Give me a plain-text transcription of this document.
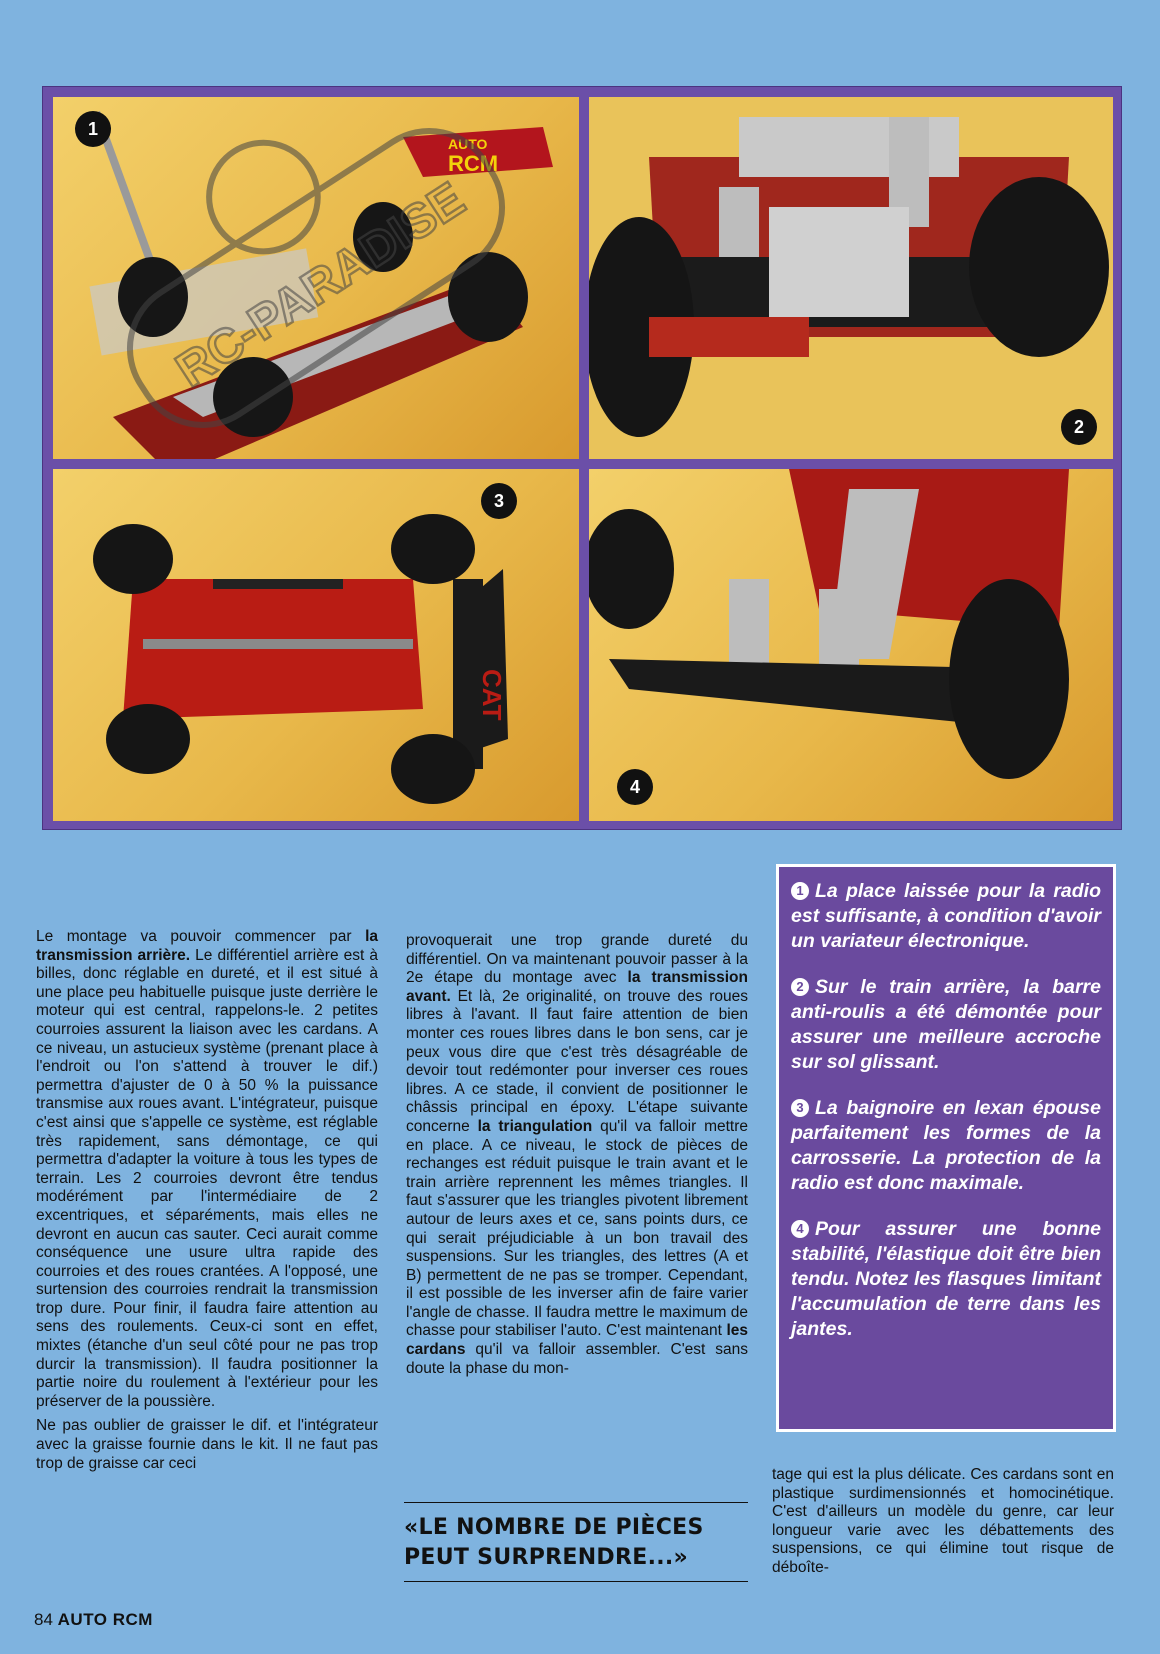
AUTO
RCM
RC-PARADISE
1
2
CAT
3
4

1 La place laissée pour la radio est suffisante, à condition d'avoir un variateur électronique.

2 Sur le train arrière, la barre anti-roulis a été démontée pour assurer une meilleure accroche sur sol glissant.

3 La baignoire en lexan épouse parfaitement les formes de la carrosserie. La protection de la radio est donc maximale.

4 Pour assurer une bonne stabilité, l'élastique doit être bien tendu. Notez les flasques limitant l'accumulation de terre dans les jantes.

Le montage va pouvoir commencer par la transmission arrière. Le différentiel arrière est à billes, donc réglable en dureté, et il est situé à une place peu habituelle puisque juste derrière le moteur qui est central, rappelons-le. 2 petites courroies assurent la liaison avec les cardans. A ce niveau, un astucieux système (prenant place à l'endroit ou l'on s'attend à trouver le dif.) permettra d'ajuster de 0 à 50 % la puissance transmise aux roues avant. L'intégrateur, puisque c'est ainsi que s'appelle ce système, est réglable très rapidement, sans démontage, ce qui permettra d'adapter la voiture à tous les types de terrain. Les 2 courroies devront être tendus modérément par l'intermédiaire de 2 excentriques, et séparéments, mais elles ne devront en aucun cas sauter. Ceci aurait comme conséquence une usure ultra rapide des courroies et des roues crantées. A l'opposé, une surtension des courroies rendrait la transmission trop dure. Pour finir, il faudra faire attention au sens des roulements. Ceux-ci sont en effet, mixtes (étanche d'un seul côté pour ne pas trop durcir la transmission). Il faudra positionner la partie noire du roulement à l'extérieur pour les préserver de la poussière.

Ne pas oublier de graisser le dif. et l'intégrateur avec la graisse fournie dans le kit. Il ne faut pas trop de graisse car ceci

provoquerait une trop grande dureté du différentiel. On va maintenant pouvoir passer à la 2e étape du montage avec la transmission avant. Et là, 2e originalité, on trouve des roues libres à l'avant. Il faut faire attention de bien monter ces roues libres dans le bon sens, car je peux vous dire que c'est très désagréable de devoir tout redémonter pour inverser ces roues libres. A ce stade, il convient de positionner le châssis principal en époxy. L'étape suivante concerne la triangulation qu'il va falloir mettre en place. A ce niveau, le stock de pièces de rechanges est réduit puisque le train avant et le train arrière reprennent les mêmes triangles. Il faut s'assurer que les triangles pivotent librement autour de leurs axes et ce, sans points durs, ce qui serait préjudiciable à un bon travail des suspensions. Sur les triangles, des lettres (A et B) permettent de ne pas se tromper. Cependant, il est possible de les inverser afin de faire varier l'angle de chasse. Il faudra mettre le maximum de chasse pour stabiliser l'auto. C'est maintenant les cardans qu'il va falloir assembler. C'est sans doute la phase du mon-

«LE NOMBRE DE PIÈCES PEUT SURPRENDRE...»

tage qui est la plus délicate. Ces cardans sont en plastique surdimensionnés et homocinétique. C'est d'ailleurs un modèle du genre, car leur longueur varie avec les débattements des suspensions, ce qui élimine tout risque de déboîte-

84 AUTO RCM
